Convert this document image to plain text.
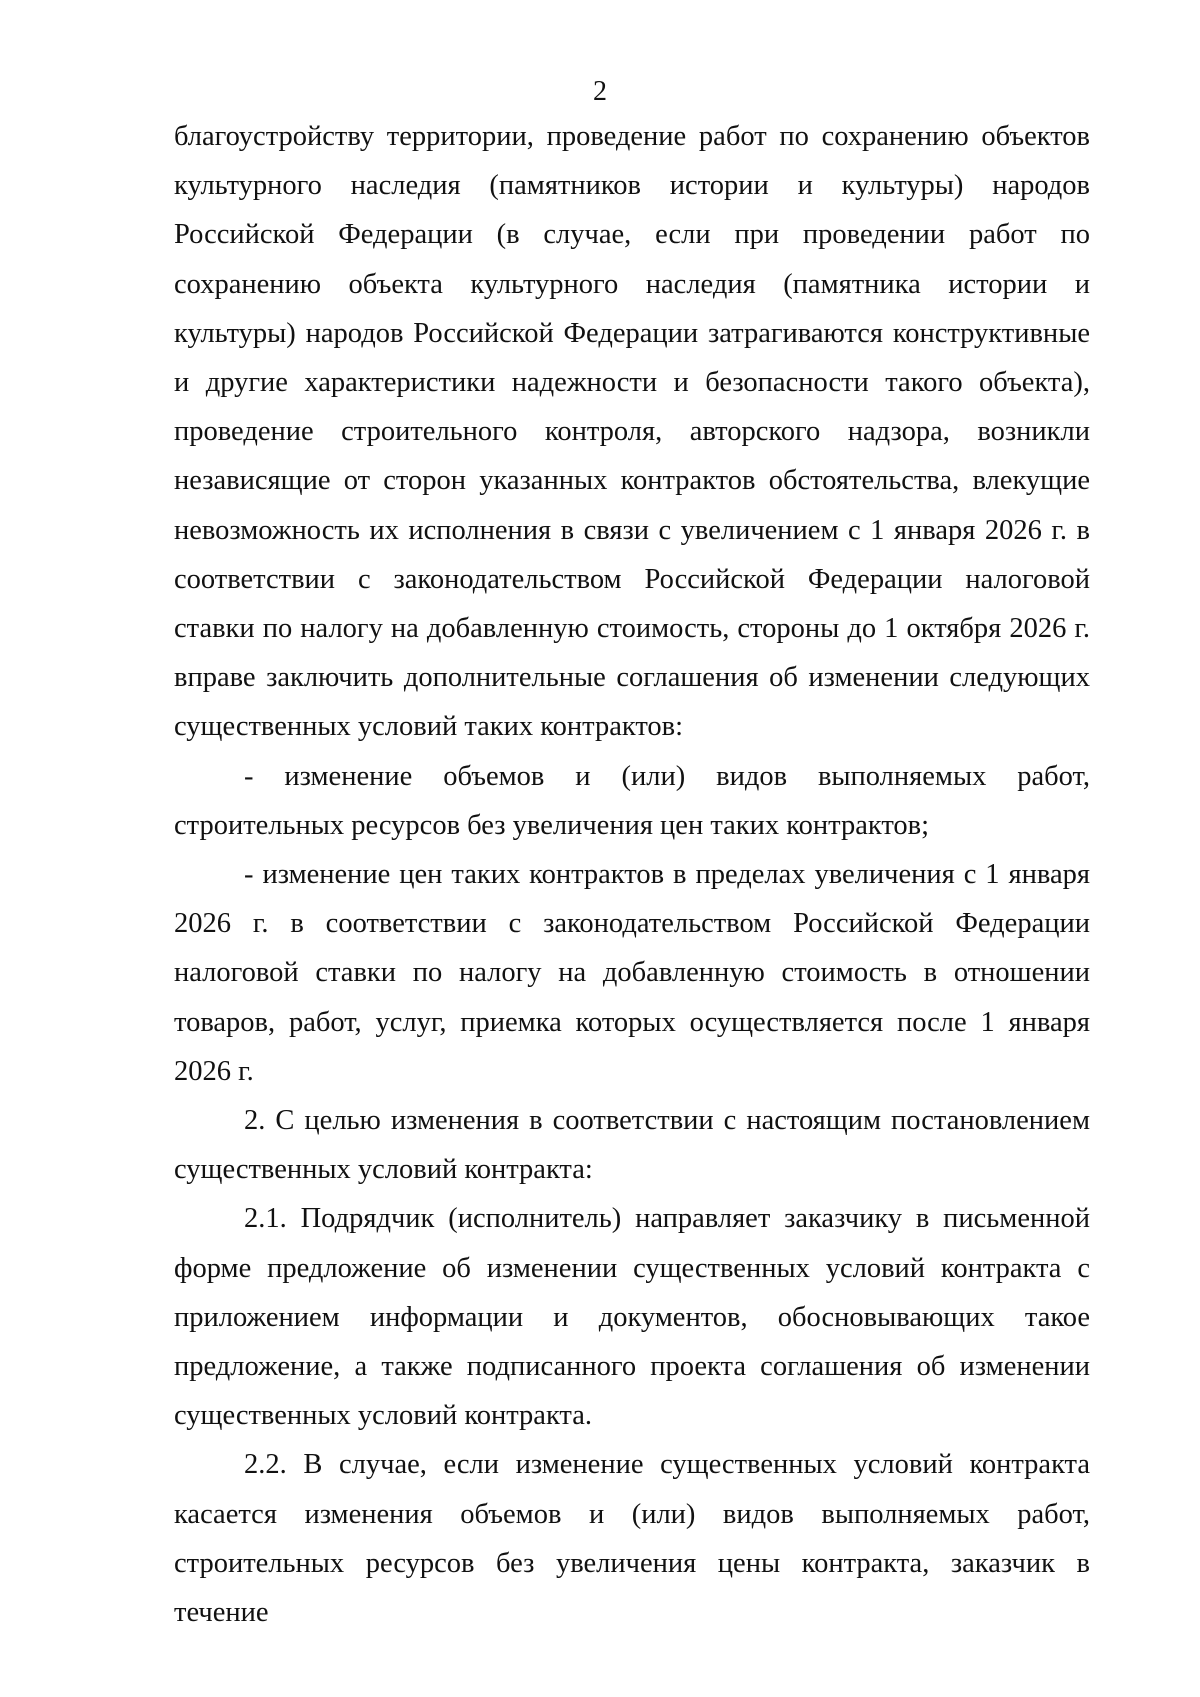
2

благоустройству территории, проведение работ по сохранению объектов культурного наследия (памятников истории и культуры) народов Российской Федерации (в случае, если при проведении работ по сохранению объекта культурного наследия (памятника истории и культуры) народов Российской Федерации затрагиваются конструктивные и другие характеристики надежности и безопасности такого объекта), проведение строительного контроля, авторского надзора, возникли независящие от сторон указанных контрактов обстоятельства, влекущие невозможность их исполнения в связи с увеличением с 1 января 2026 г. в соответствии с законодательством Российской Федерации налоговой ставки по налогу на добавленную стоимость, стороны до 1 октября 2026 г. вправе заключить дополнительные соглашения об изменении следующих существенных условий таких контрактов:

- изменение объемов и (или) видов выполняемых работ, строительных ресурсов без увеличения цен таких контрактов;

- изменение цен таких контрактов в пределах увеличения с 1 января 2026 г. в соответствии с законодательством Российской Федерации налоговой ставки по налогу на добавленную стоимость в отношении товаров, работ, услуг, приемка которых осуществляется после 1 января 2026 г.

2. С целью изменения в соответствии с настоящим постановлением существенных условий контракта:

2.1. Подрядчик (исполнитель) направляет заказчику в письменной форме предложение об изменении существенных условий контракта с приложением информации и документов, обосновывающих такое предложение, а также подписанного проекта соглашения об изменении существенных условий контракта.

2.2. В случае, если изменение существенных условий контракта касается изменения объемов и (или) видов выполняемых работ, строительных ресурсов без увеличения цены контракта, заказчик в течение
